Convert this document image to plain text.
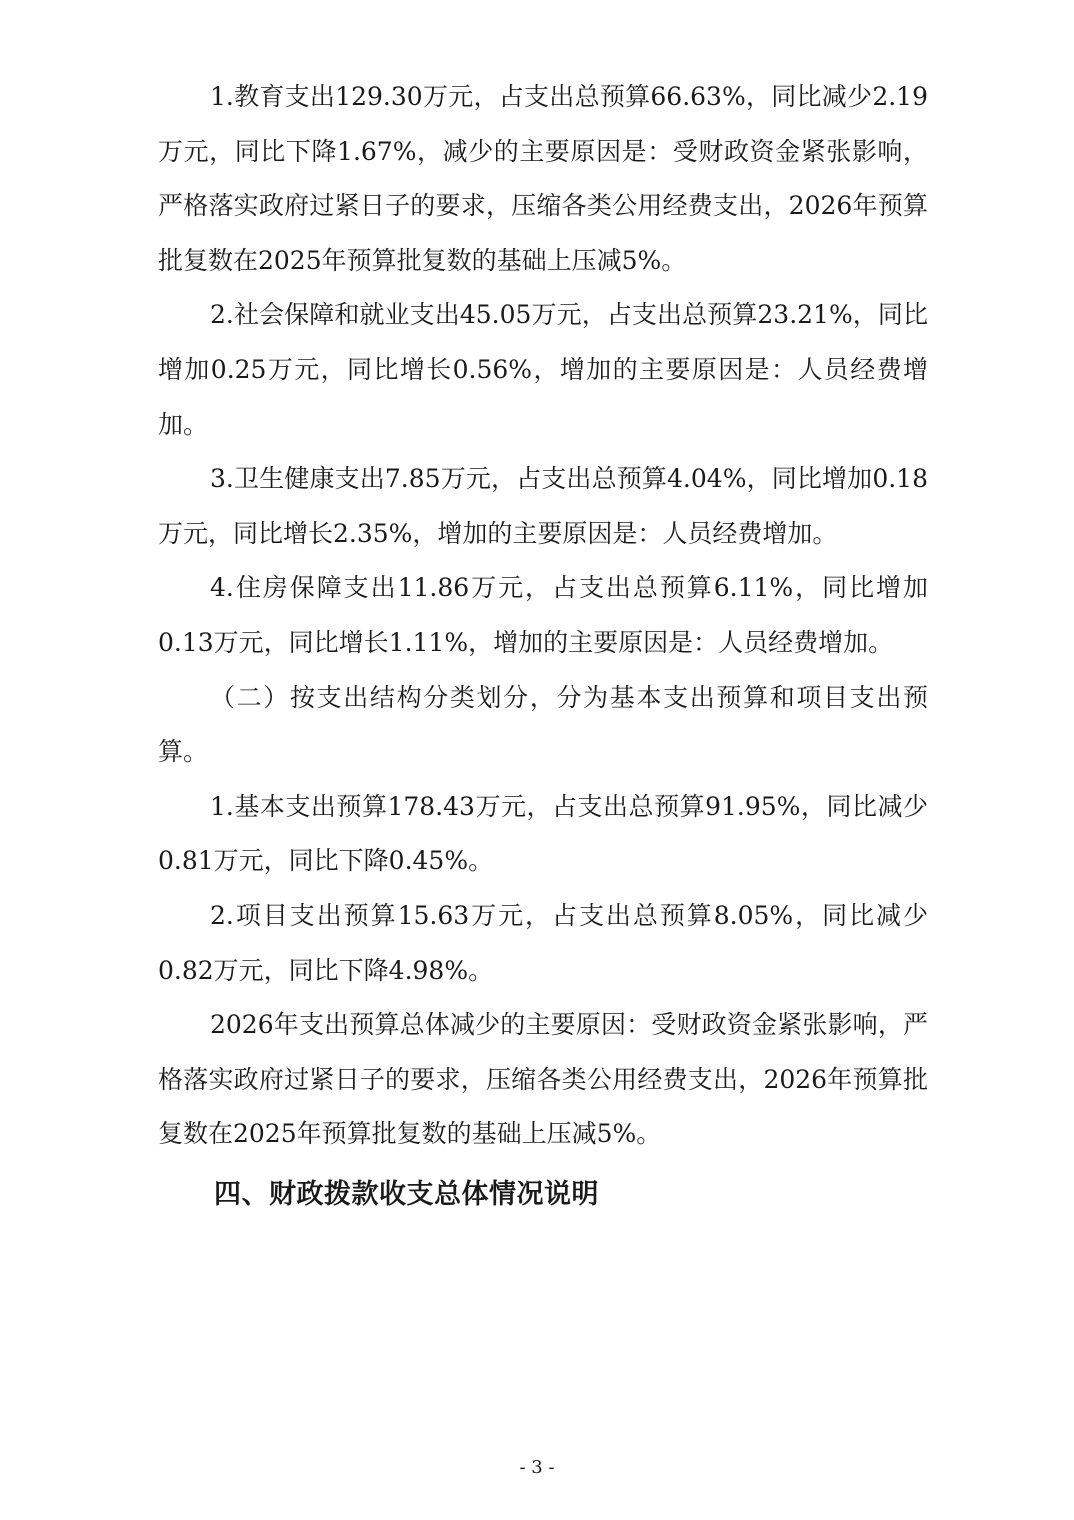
1.教育支出129.30万元，占支出总预算66.63%，同比减少2.19万元，同比下降1.67%，减少的主要原因是：受财政资金紧张影响，严格落实政府过紧日子的要求，压缩各类公用经费支出，2026年预算批复数在2025年预算批复数的基础上压减5%。

2.社会保障和就业支出45.05万元，占支出总预算23.21%，同比增加0.25万元，同比增长0.56%，增加的主要原因是：人员经费增加。

3.卫生健康支出7.85万元，占支出总预算4.04%，同比增加0.18万元，同比增长2.35%，增加的主要原因是：人员经费增加。

4.住房保障支出11.86万元，占支出总预算6.11%，同比增加0.13万元，同比增长1.11%，增加的主要原因是：人员经费增加。

（二）按支出结构分类划分，分为基本支出预算和项目支出预算。

1.基本支出预算178.43万元，占支出总预算91.95%，同比减少0.81万元，同比下降0.45%。

2.项目支出预算15.63万元，占支出总预算8.05%，同比减少0.82万元，同比下降4.98%。

2026年支出预算总体减少的主要原因：受财政资金紧张影响，严格落实政府过紧日子的要求，压缩各类公用经费支出，2026年预算批复数在2025年预算批复数的基础上压减5%。

四、财政拨款收支总体情况说明
- 3 -
